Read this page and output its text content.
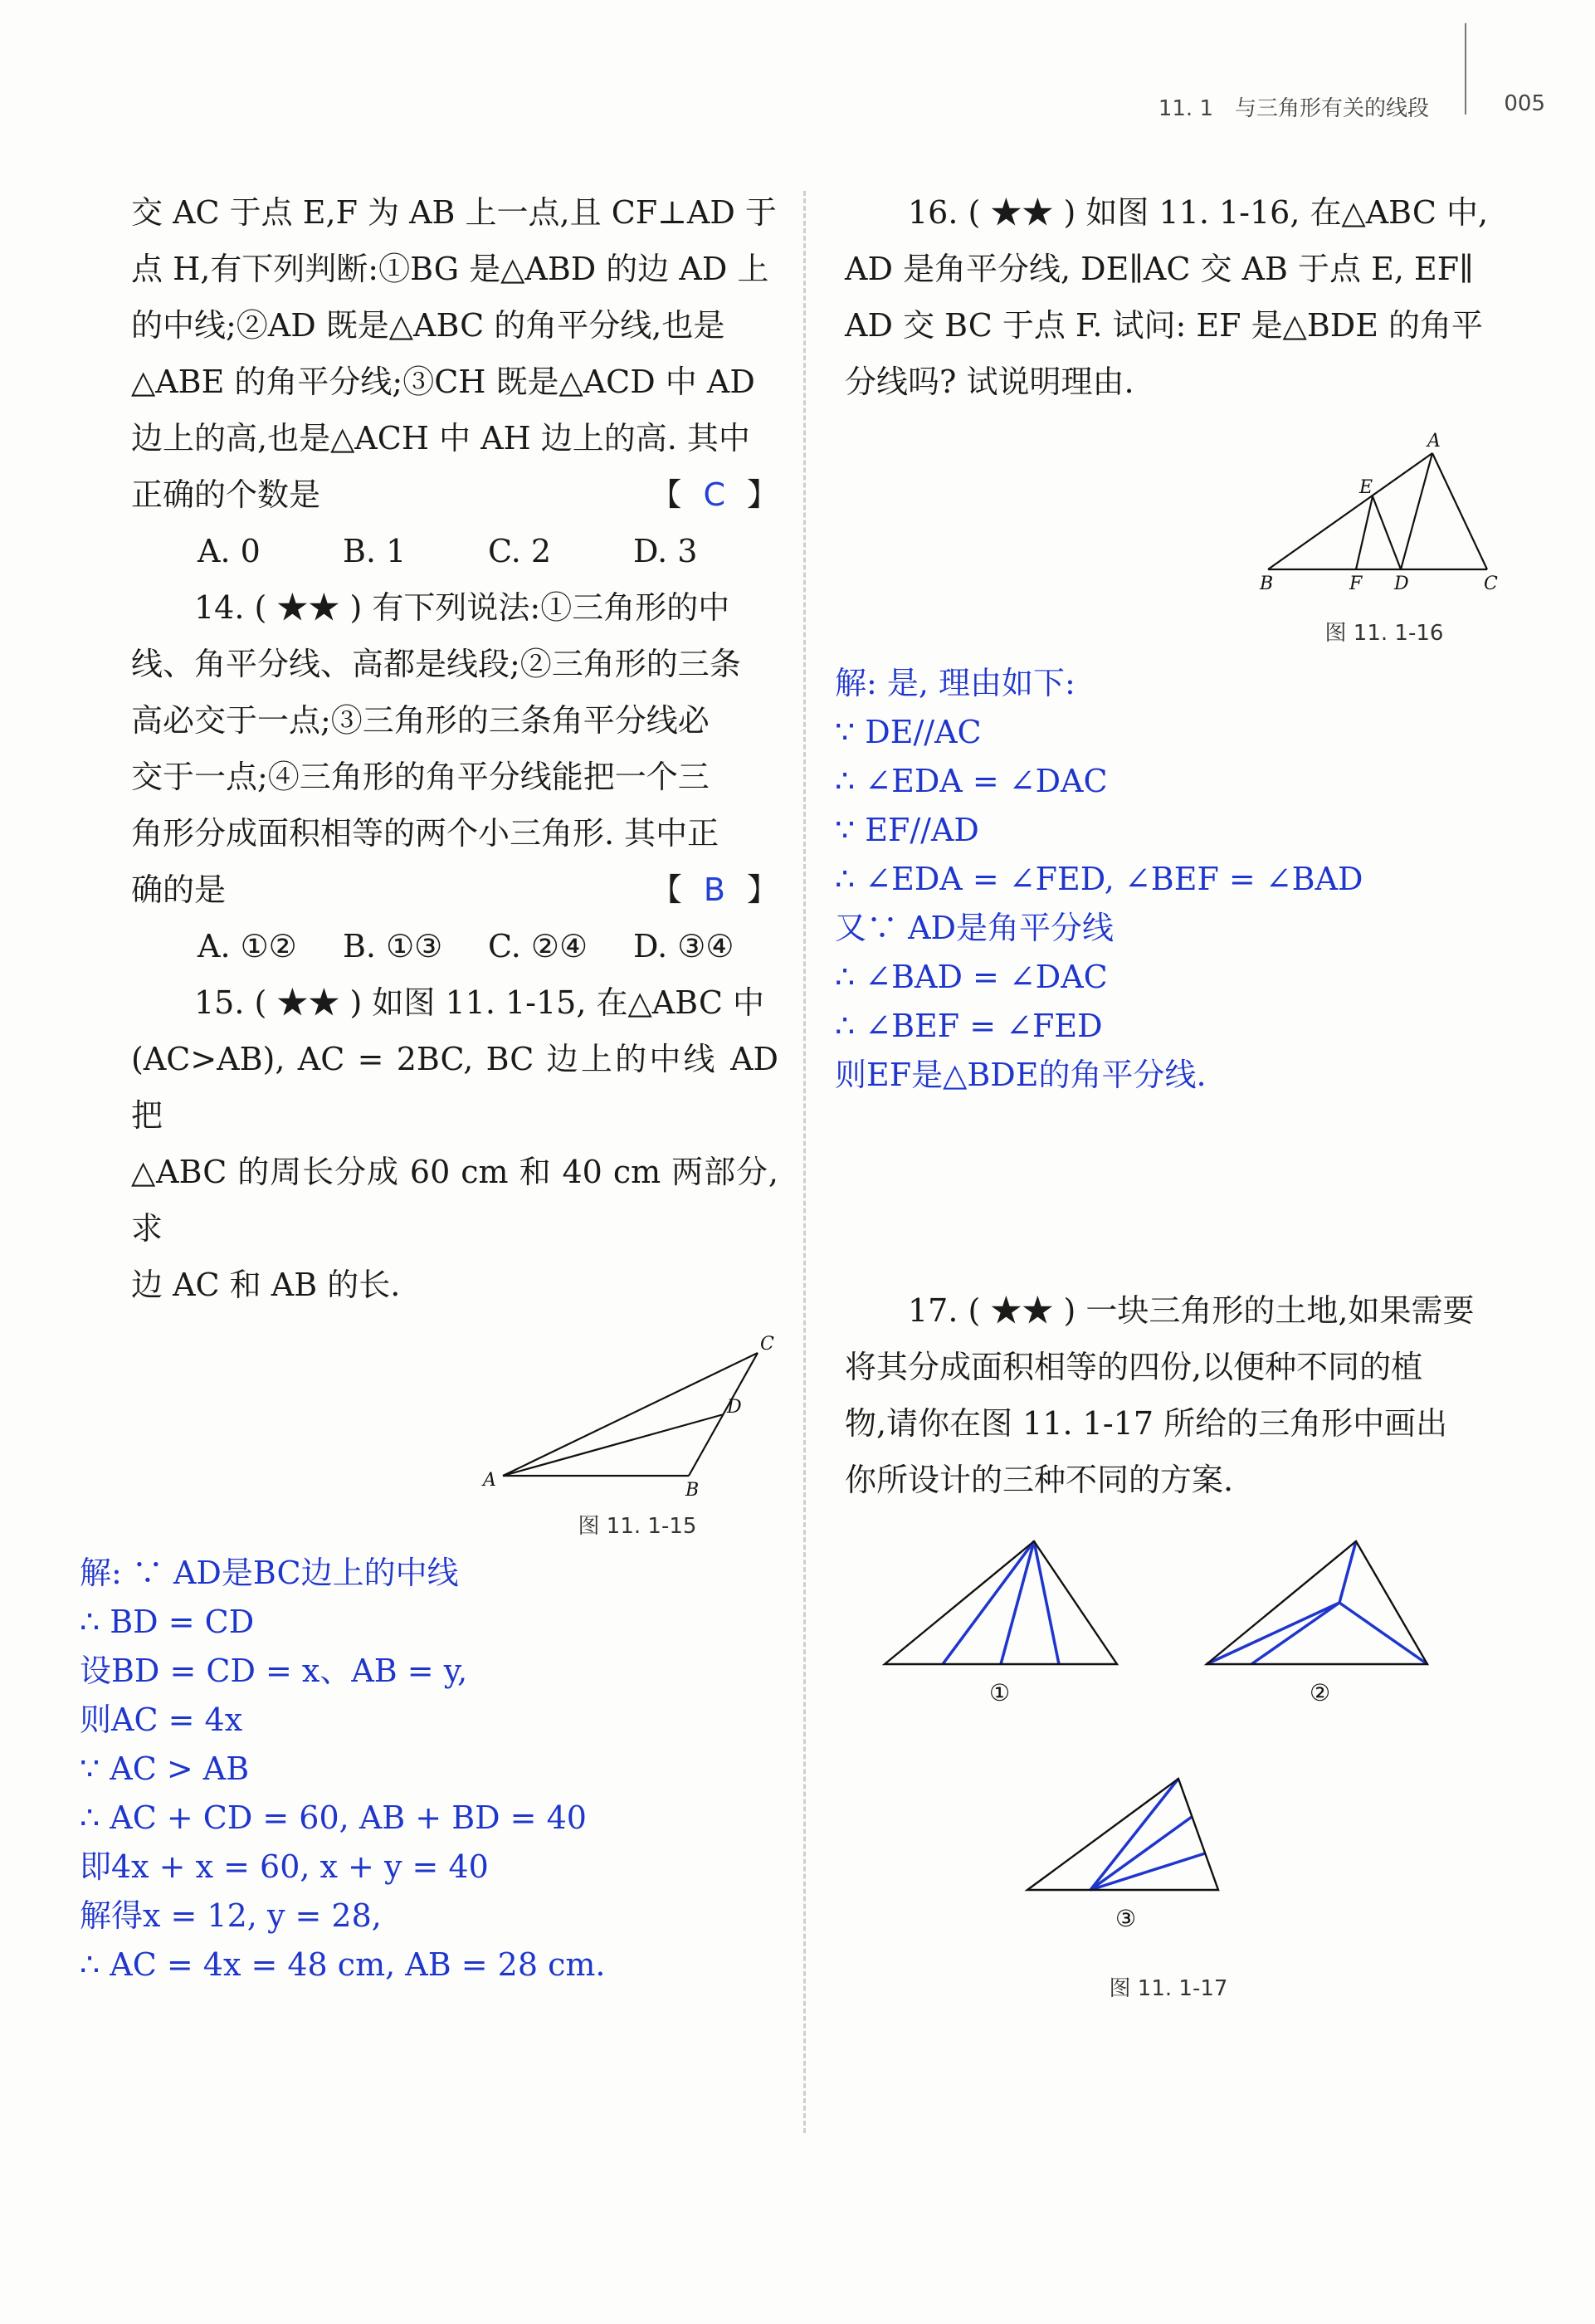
11. 1　与三角形有关的线段	005

交 AC 于点 E,F 为 AB 上一点,且 CF⊥AD 于

点 H,有下列判断:①BG 是△ABD 的边 AD 上

的中线;②AD 既是△ABC 的角平分线,也是

△ABE 的角平分线;③CH 既是△ACD 中 AD

边上的高,也是△ACH 中 AH 边上的高. 其中

正确的个数是	【 C 】
A. 0	B. 1	C. 2	D. 3

14. ( ★★ ) 有下列说法:①三角形的中

线、角平分线、高都是线段;②三角形的三条

高必交于一点;③三角形的三条角平分线必

交于一点;④三角形的角平分线能把一个三

角形分成面积相等的两个小三角形. 其中正

确的是	【 B 】
A. ①②	B. ①③	C. ②④	D. ③④

15. ( ★★ ) 如图 11. 1-15, 在△ABC 中

(AC>AB), AC = 2BC, BC 边上的中线 AD 把

△ABC 的周长分成 60 cm 和 40 cm 两部分,求

边 AC 和 AB 的长.

A	B
C
D
图 11. 1-15

解: ∵ AD是BC边上的中线

∴ BD = CD

设BD = CD = x、AB = y,

则AC = 4x

∵ AC > AB

∴ AC + CD = 60, AB + BD = 40

即4x + x = 60, x + y = 40

解得x = 12, y = 28,

∴ AC = 4x = 48 cm, AB = 28 cm.

16. ( ★★ ) 如图 11. 1-16, 在△ABC 中,

AD 是角平分线, DE∥AC 交 AB 于点 E, EF∥

AD 交 BC 于点 F. 试问: EF 是△BDE 的角平

分线吗? 试说明理由.

A
E
B	F D	C
图 11. 1-16

解: 是, 理由如下:

∵ DE//AC

∴ ∠EDA = ∠DAC

∵ EF//AD

∴ ∠EDA = ∠FED, ∠BEF = ∠BAD

又∵ AD是角平分线

∴ ∠BAD = ∠DAC

∴ ∠BEF = ∠FED

则EF是△BDE的角平分线.

17. ( ★★ ) 一块三角形的土地,如果需要

将其分成面积相等的四份,以便种不同的植

物,请你在图 11. 1-17 所给的三角形中画出

你所设计的三种不同的方案.

①	②
③
图 11. 1-17
